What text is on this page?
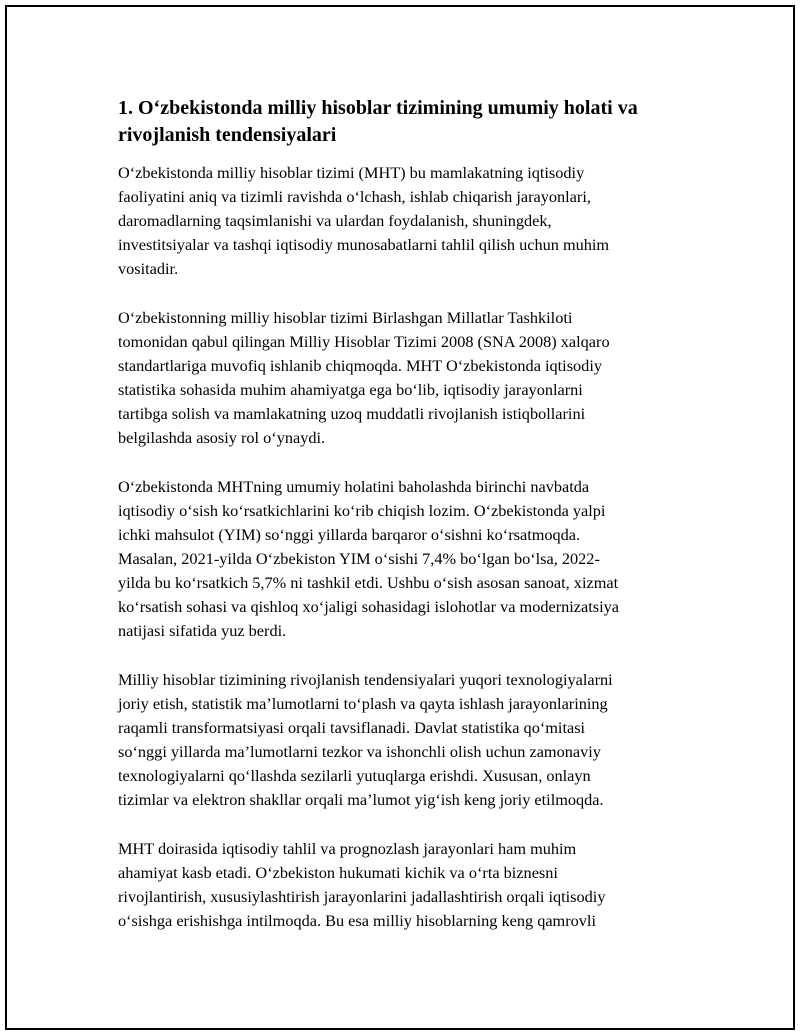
1. O‘zbekistonda milliy hisoblar tizimining umumiy holati va rivojlanish tendensiyalari

O‘zbekistonda milliy hisoblar tizimi (MHT) bu mamlakatning iqtisodiy
faoliyatini aniq va tizimli ravishda o‘lchash, ishlab chiqarish jarayonlari,
daromadlarning taqsimlanishi va ulardan foydalanish, shuningdek,
investitsiyalar va tashqi iqtisodiy munosabatlarni tahlil qilish uchun muhim
vositadir.

O‘zbekistonning milliy hisoblar tizimi Birlashgan Millatlar Tashkiloti
tomonidan qabul qilingan Milliy Hisoblar Tizimi 2008 (SNA 2008) xalqaro
standartlariga muvofiq ishlanib chiqmoqda. MHT O‘zbekistonda iqtisodiy
statistika sohasida muhim ahamiyatga ega bo‘lib, iqtisodiy jarayonlarni
tartibga solish va mamlakatning uzoq muddatli rivojlanish istiqbollarini
belgilashda asosiy rol o‘ynaydi.

O‘zbekistonda MHTning umumiy holatini baholashda birinchi navbatda
iqtisodiy o‘sish ko‘rsatkichlarini ko‘rib chiqish lozim. O‘zbekistonda yalpi
ichki mahsulot (YIM) so‘nggi yillarda barqaror o‘sishni ko‘rsatmoqda.
Masalan, 2021-yilda O‘zbekiston YIM o‘sishi 7,4% bo‘lgan bo‘lsa, 2022-
yilda bu ko‘rsatkich 5,7% ni tashkil etdi. Ushbu o‘sish asosan sanoat, xizmat
ko‘rsatish sohasi va qishloq xo‘jaligi sohasidagi islohotlar va modernizatsiya
natijasi sifatida yuz berdi.

Milliy hisoblar tizimining rivojlanish tendensiyalari yuqori texnologiyalarni
joriy etish, statistik ma’lumotlarni to‘plash va qayta ishlash jarayonlarining
raqamli transformatsiyasi orqali tavsiflanadi. Davlat statistika qo‘mitasi
so‘nggi yillarda ma’lumotlarni tezkor va ishonchli olish uchun zamonaviy
texnologiyalarni qo‘llashda sezilarli yutuqlarga erishdi. Xususan, onlayn
tizimlar va elektron shakllar orqali ma’lumot yig‘ish keng joriy etilmoqda.

MHT doirasida iqtisodiy tahlil va prognozlash jarayonlari ham muhim
ahamiyat kasb etadi. O‘zbekiston hukumati kichik va o‘rta biznesni
rivojlantirish, xususiylashtirish jarayonlarini jadallashtirish orqali iqtisodiy
o‘sishga erishishga intilmoqda. Bu esa milliy hisoblarning keng qamrovli
